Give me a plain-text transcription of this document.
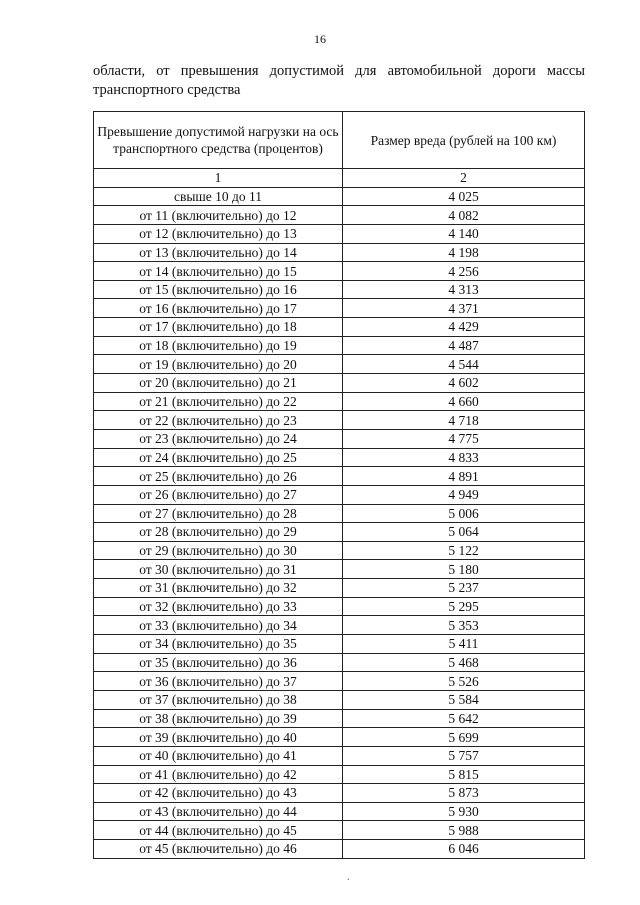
16
области, от превышения допустимой для автомобильной дороги массы
транспортного средства
Превышение допустимой нагрузки на ось транспортного средства (процентов)	Размер вреда (рублей на 100 км)
1	2
свыше 10 до 11	4 025
от 11 (включительно) до 12	4 082
от 12 (включительно) до 13	4 140
от 13 (включительно) до 14	4 198
от 14 (включительно) до 15	4 256
от 15 (включительно) до 16	4 313
от 16 (включительно) до 17	4 371
от 17 (включительно) до 18	4 429
от 18 (включительно) до 19	4 487
от 19 (включительно) до 20	4 544
от 20 (включительно) до 21	4 602
от 21 (включительно) до 22	4 660
от 22 (включительно) до 23	4 718
от 23 (включительно) до 24	4 775
от 24 (включительно) до 25	4 833
от 25 (включительно) до 26	4 891
от 26 (включительно) до 27	4 949
от 27 (включительно) до 28	5 006
от 28 (включительно) до 29	5 064
от 29 (включительно) до 30	5 122
от 30 (включительно) до 31	5 180
от 31 (включительно) до 32	5 237
от 32 (включительно) до 33	5 295
от 33 (включительно) до 34	5 353
от 34 (включительно) до 35	5 411
от 35 (включительно) до 36	5 468
от 36 (включительно) до 37	5 526
от 37 (включительно) до 38	5 584
от 38 (включительно) до 39	5 642
от 39 (включительно) до 40	5 699
от 40 (включительно) до 41	5 757
от 41 (включительно) до 42	5 815
от 42 (включительно) до 43	5 873
от 43 (включительно) до 44	5 930
от 44 (включительно) до 45	5 988
от 45 (включительно) до 46	6 046
.
